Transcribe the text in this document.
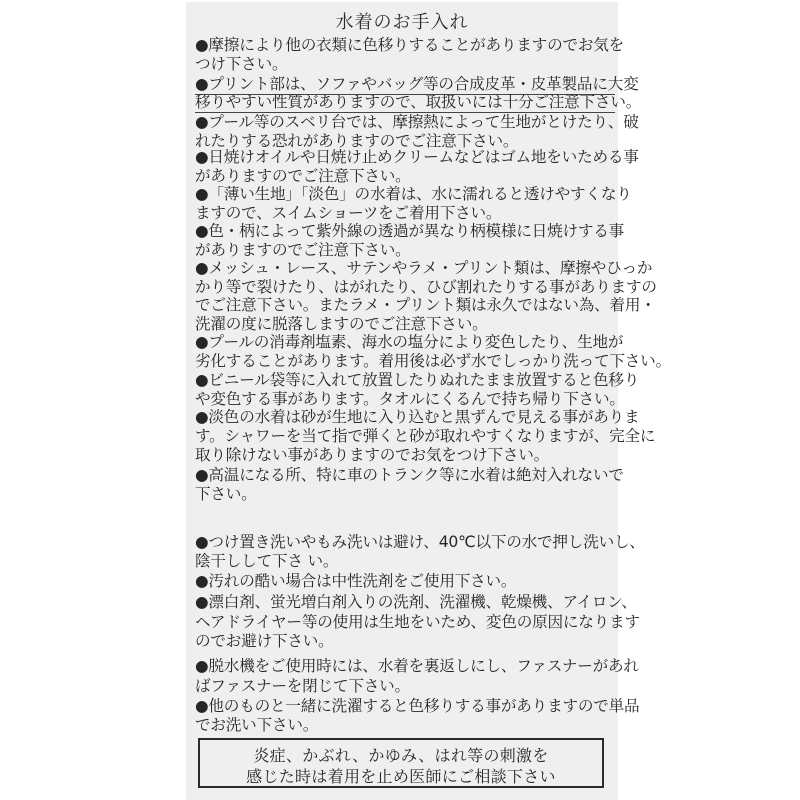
水着のお手入れ
●摩擦により他の衣類に色移りすることがありますのでお気を
つけ下さい。
●プリント部は、ソファやバッグ等の合成皮革・皮革製品に大変
移りやすい性質がありますので、取扱いには十分ご注意下さい。
●プール等のスベリ台では、摩擦熱によって生地がとけたり、破
れたりする恐れがありますのでご注意下さい。
●日焼けオイルや日焼け止めクリームなどはゴム地をいためる事
がありますのでご注意下さい。
●「薄い生地」「淡色」の水着は、水に濡れると透けやすくなり
ますので、スイムショーツをご着用下さい。
●色・柄によって紫外線の透過が異なり柄模様に日焼けする事
がありますのでご注意下さい。
●メッシュ・レース、サテンやラメ・プリント類は、摩擦やひっか
かり等で裂けたり、はがれたり、ひび割れたりする事がありますの
でご注意下さい。またラメ・プリント類は永久ではない為、着用・
洗濯の度に脱落しますのでご注意下さい。
●プールの消毒剤塩素、海水の塩分により変色したり、生地が
劣化することがあります。着用後は必ず水でしっかり洗って下さい。
●ビニール袋等に入れて放置したりぬれたまま放置すると色移り
や変色する事があります。タオルにくるんで持ち帰り下さい。
●淡色の水着は砂が生地に入り込むと黒ずんで見える事がありま
す。シャワーを当て指で弾くと砂が取れやすくなりますが、完全に
取り除けない事がありますのでお気をつけ下さい。
●高温になる所、特に車のトランク等に水着は絶対入れないで
下さい。
●つけ置き洗いやもみ洗いは避け、40℃以下の水で押し洗いし、
陰干しして下さ い。
●汚れの酷い場合は中性洗剤をご使用下さい。
●漂白剤、蛍光増白剤入りの洗剤、洗濯機、乾燥機、アイロン、
ヘアドライヤー等の使用は生地をいため、変色の原因になります
のでお避け下さい。
●脱水機をご使用時には、水着を裏返しにし、ファスナーがあれ
ばファスナーを閉じて下さい。
●他のものと一緒に洗濯すると色移りする事がありますので単品
でお洗い下さい。
炎症、かぶれ、かゆみ、はれ等の刺激を
感じた時は着用を止め医師にご相談下さい
